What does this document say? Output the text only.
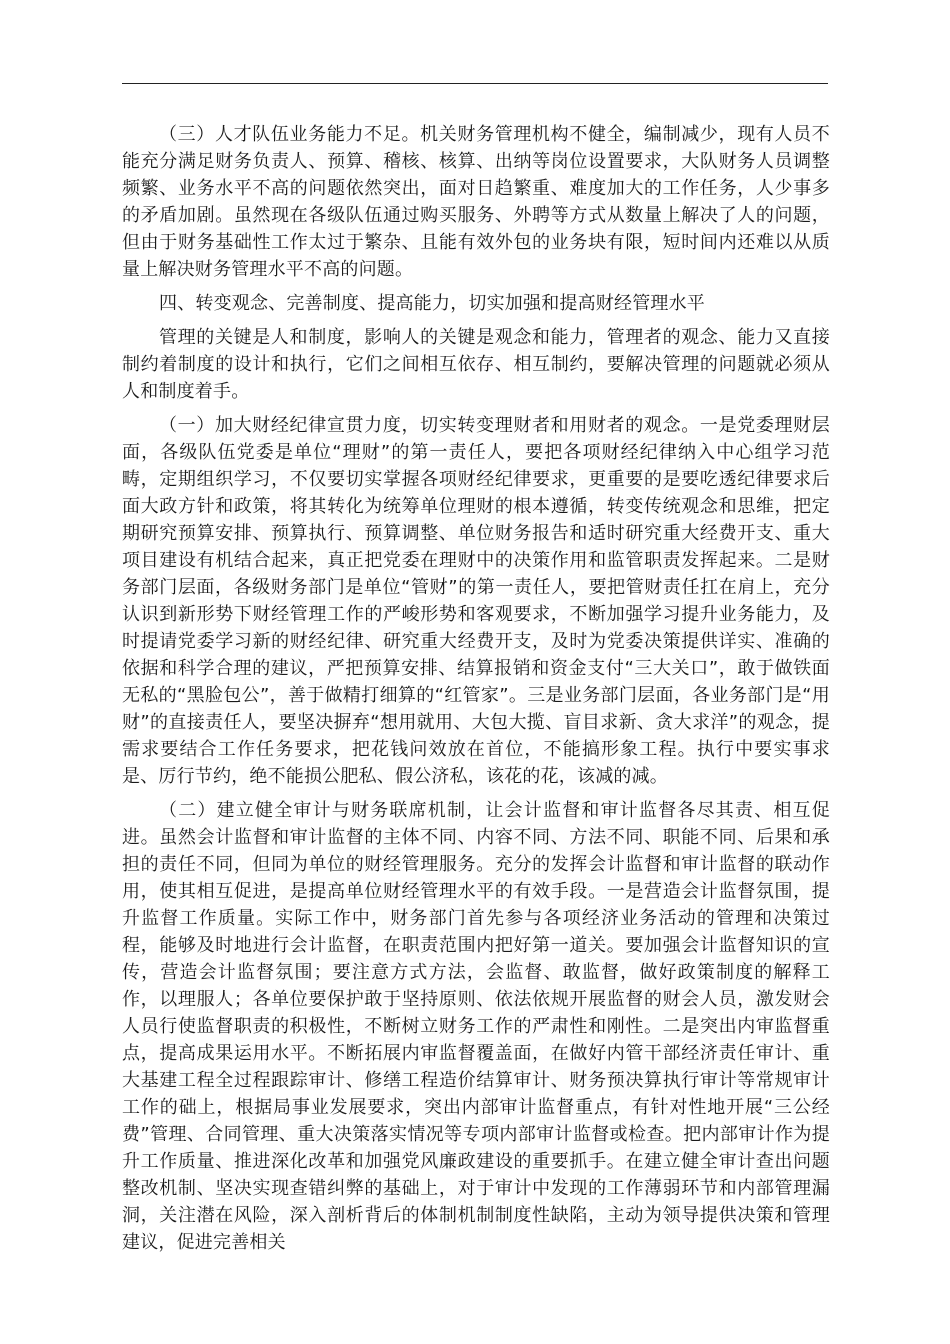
（三）人才队伍业务能力不足。机关财务管理机构不健全，编制减少，现有人员不能充分满足财务负责人、预算、稽核、核算、出纳等岗位设置要求，大队财务人员调整频繁、业务水平不高的问题依然突出，面对日趋繁重、难度加大的工作任务，人少事多的矛盾加剧。虽然现在各级队伍通过购买服务、外聘等方式从数量上解决了人的问题，但由于财务基础性工作太过于繁杂、且能有效外包的业务块有限，短时间内还难以从质量上解决财务管理水平不高的问题。

四、转变观念、完善制度、提高能力，切实加强和提高财经管理水平

管理的关键是人和制度，影响人的关键是观念和能力，管理者的观念、能力又直接制约着制度的设计和执行，它们之间相互依存、相互制约，要解决管理的问题就必须从人和制度着手。

（一）加大财经纪律宣贯力度，切实转变理财者和用财者的观念。一是党委理财层面，各级队伍党委是单位“理财”的第一责任人，要把各项财经纪律纳入中心组学习范畴，定期组织学习，不仅要切实掌握各项财经纪律要求，更重要的是要吃透纪律要求后面大政方针和政策，将其转化为统筹单位理财的根本遵循，转变传统观念和思维，把定期研究预算安排、预算执行、预算调整、单位财务报告和适时研究重大经费开支、重大项目建设有机结合起来，真正把党委在理财中的决策作用和监管职责发挥起来。二是财务部门层面，各级财务部门是单位“管财”的第一责任人，要把管财责任扛在肩上，充分认识到新形势下财经管理工作的严峻形势和客观要求，不断加强学习提升业务能力，及时提请党委学习新的财经纪律、研究重大经费开支，及时为党委决策提供详实、准确的依据和科学合理的建议，严把预算安排、结算报销和资金支付“三大关口”，敢于做铁面无私的“黑脸包公”，善于做精打细算的“红管家”。三是业务部门层面，各业务部门是“用财”的直接责任人，要坚决摒弃“想用就用、大包大揽、盲目求新、贪大求洋”的观念，提需求要结合工作任务要求，把花钱问效放在首位，不能搞形象工程。执行中要实事求是、厉行节约，绝不能损公肥私、假公济私，该花的花，该减的减。

（二）建立健全审计与财务联席机制，让会计监督和审计监督各尽其责、相互促进。虽然会计监督和审计监督的主体不同、内容不同、方法不同、职能不同、后果和承担的责任不同，但同为单位的财经管理服务。充分的发挥会计监督和审计监督的联动作用，使其相互促进，是提高单位财经管理水平的有效手段。一是营造会计监督氛围，提升监督工作质量。实际工作中，财务部门首先参与各项经济业务活动的管理和决策过程，能够及时地进行会计监督，在职责范围内把好第一道关。要加强会计监督知识的宣传，营造会计监督氛围；要注意方式方法，会监督、敢监督，做好政策制度的解释工作，以理服人；各单位要保护敢于坚持原则、依法依规开展监督的财会人员，激发财会人员行使监督职责的积极性，不断树立财务工作的严肃性和刚性。二是突出内审监督重点，提高成果运用水平。不断拓展内审监督覆盖面，在做好内管干部经济责任审计、重大基建工程全过程跟踪审计、修缮工程造价结算审计、财务预决算执行审计等常规审计工作的础上，根据局事业发展要求，突出内部审计监督重点，有针对性地开展“三公经费”管理、合同管理、重大决策落实情况等专项内部审计监督或检查。把内部审计作为提升工作质量、推进深化改革和加强党风廉政建设的重要抓手。在建立健全审计查出问题整改机制、坚决实现查错纠弊的基础上，对于审计中发现的工作薄弱环节和内部管理漏洞，关注潜在风险，深入剖析背后的体制机制制度性缺陷，主动为领导提供决策和管理建议，促进完善相关
